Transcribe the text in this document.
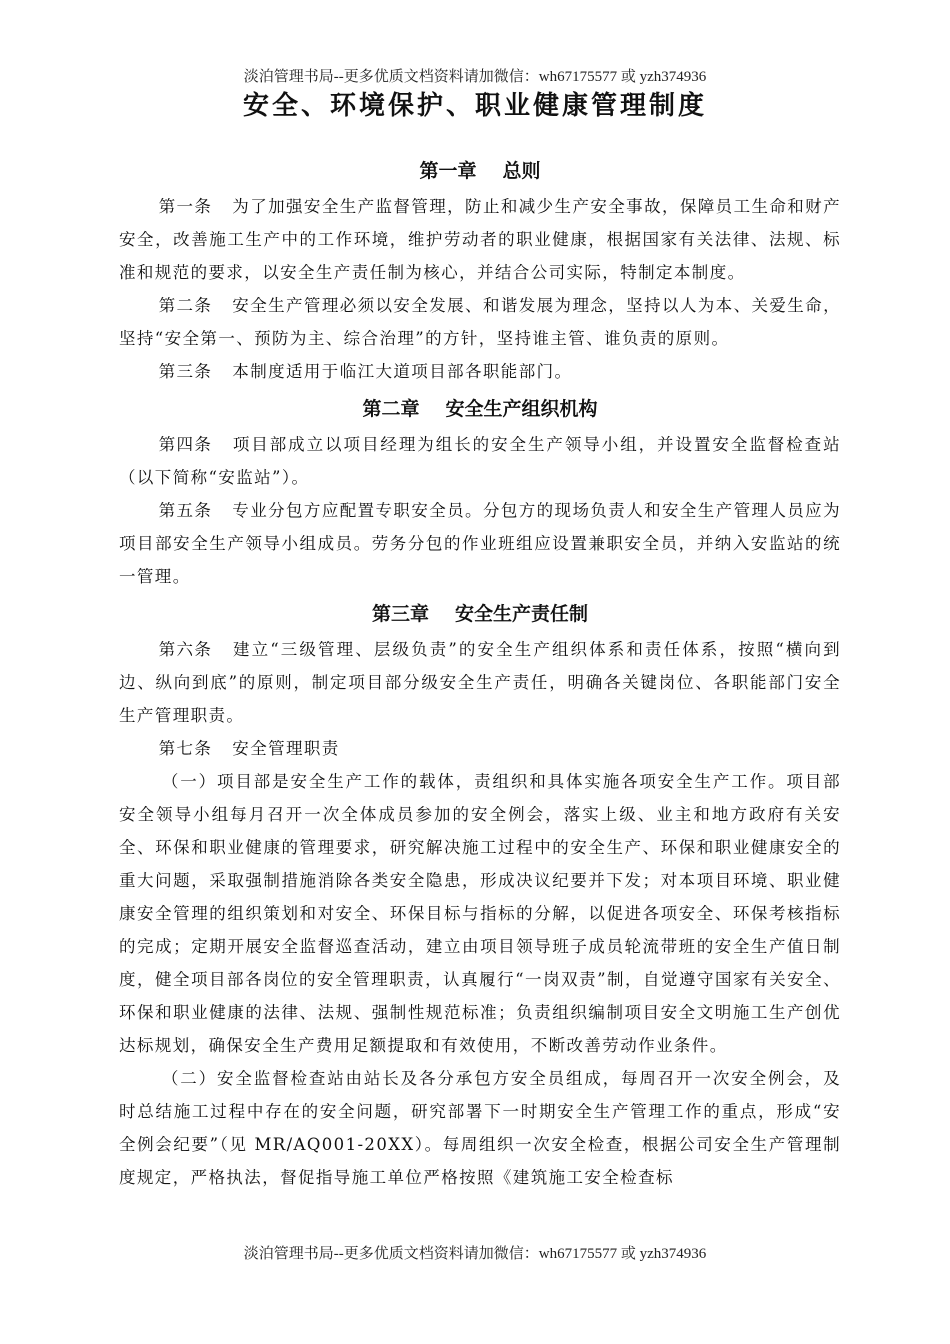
淡泊管理书局--更多优质文档资料请加微信：wh67175577 或 yzh374936
安全、环境保护、职业健康管理制度
第一章 总则

第一条 为了加强安全生产监督管理，防止和减少生产安全事故，保障员工生命和财产安全，改善施工生产中的工作环境，维护劳动者的职业健康，根据国家有关法律、法规、标准和规范的要求，以安全生产责任制为核心，并结合公司实际，特制定本制度。

第二条 安全生产管理必须以安全发展、和谐发展为理念，坚持以人为本、关爱生命，坚持“安全第一、预防为主、综合治理”的方针，坚持谁主管、谁负责的原则。

第三条 本制度适用于临江大道项目部各职能部门。

第二章 安全生产组织机构

第四条 项目部成立以项目经理为组长的安全生产领导小组，并设置安全监督检查站（以下简称“安监站”）。

第五条 专业分包方应配置专职安全员。分包方的现场负责人和安全生产管理人员应为项目部安全生产领导小组成员。劳务分包的作业班组应设置兼职安全员，并纳入安监站的统一管理。

第三章 安全生产责任制

第六条 建立“三级管理、层级负责”的安全生产组织体系和责任体系，按照“横向到边、纵向到底”的原则，制定项目部分级安全生产责任，明确各关键岗位、各职能部门安全生产管理职责。

第七条 安全管理职责

（一）项目部是安全生产工作的载体，责组织和具体实施各项安全生产工作。项目部安全领导小组每月召开一次全体成员参加的安全例会，落实上级、业主和地方政府有关安全、环保和职业健康的管理要求，研究解决施工过程中的安全生产、环保和职业健康安全的重大问题，采取强制措施消除各类安全隐患，形成决议纪要并下发；对本项目环境、职业健康安全管理的组织策划和对安全、环保目标与指标的分解，以促进各项安全、环保考核指标的完成；定期开展安全监督巡查活动，建立由项目领导班子成员轮流带班的安全生产值日制度，健全项目部各岗位的安全管理职责，认真履行“一岗双责”制，自觉遵守国家有关安全、环保和职业健康的法律、法规、强制性规范标准；负责组织编制项目安全文明施工生产创优达标规划，确保安全生产费用足额提取和有效使用，不断改善劳动作业条件。

（二）安全监督检查站由站长及各分承包方安全员组成，每周召开一次安全例会，及时总结施工过程中存在的安全问题，研究部署下一时期安全生产管理工作的重点，形成“安全例会纪要”（见 MR/AQ001-20XX）。每周组织一次安全检查，根据公司安全生产管理制度规定，严格执法，督促指导施工单位严格按照《建筑施工安全检查标

淡泊管理书局--更多优质文档资料请加微信：wh67175577 或 yzh374936
